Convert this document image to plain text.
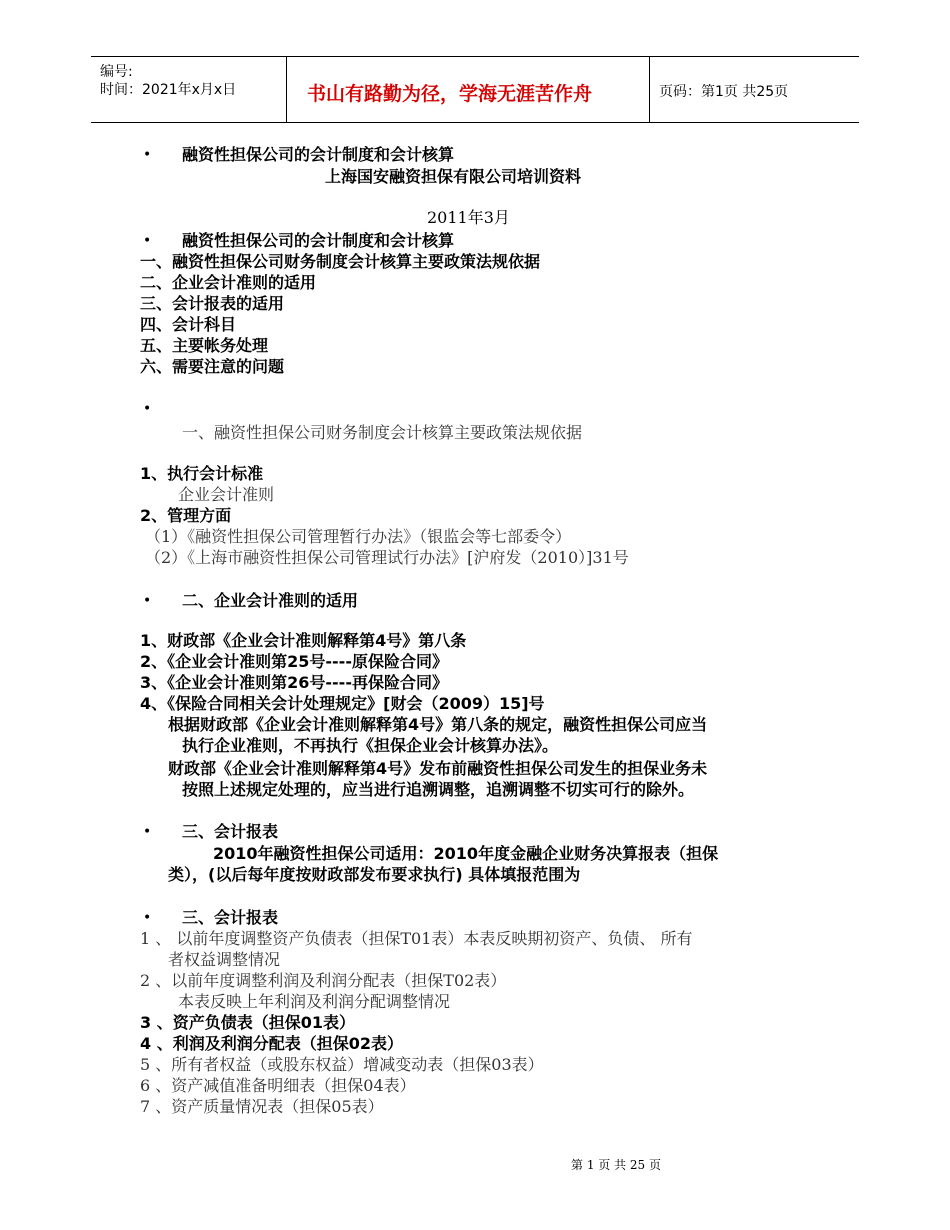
编号:
时间：2021年x月x日	书山有路勤为径，学海无涯苦作舟	页码：第1页 共25页
• 融资性担保公司的会计制度和会计核算
上海国安融资担保有限公司培训资料
2011年3月
• 融资性担保公司的会计制度和会计核算
一、融资性担保公司财务制度会计核算主要政策法规依据
二、企业会计准则的适用
三、会计报表的适用
四、会计科目
五、主要帐务处理
六、需要注意的问题
•
一、融资性担保公司财务制度会计核算主要政策法规依据
1、执行会计标准
企业会计准则
2、管理方面
（1）《融资性担保公司管理暂行办法》（银监会等七部委令）
（2）《上海市融资性担保公司管理试行办法》[沪府发（2010）]31号
• 二、企业会计准则的适用
1、财政部《企业会计准则解释第4号》第八条
2、《企业会计准则第25号----原保险合同》
3、《企业会计准则第26号----再保险合同》
4、《保险合同相关会计处理规定》[财会（2009）15]号
根据财政部《企业会计准则解释第4号》第八条的规定，融资性担保公司应当
执行企业准则，不再执行《担保企业会计核算办法》。
财政部《企业会计准则解释第4号》发布前融资性担保公司发生的担保业务未
按照上述规定处理的，应当进行追溯调整，追溯调整不切实可行的除外。
• 三、会计报表
2010年融资性担保公司适用：2010年度金融企业财务决算报表（担保
类），(以后每年度按财政部发布要求执行) 具体填报范围为
• 三、会计报表
1 、 以前年度调整资产负债表（担保T01表）本表反映期初资产、负债、 所有
者权益调整情况
2 、以前年度调整利润及利润分配表（担保T02表）
本表反映上年利润及利润分配调整情况
3 、资产负债表（担保01表）
4 、利润及利润分配表（担保02表）
5 、所有者权益（或股东权益）增减变动表（担保03表）
6 、资产减值准备明细表（担保04表）
7 、资产质量情况表（担保05表）
第 1 页 共 25 页
